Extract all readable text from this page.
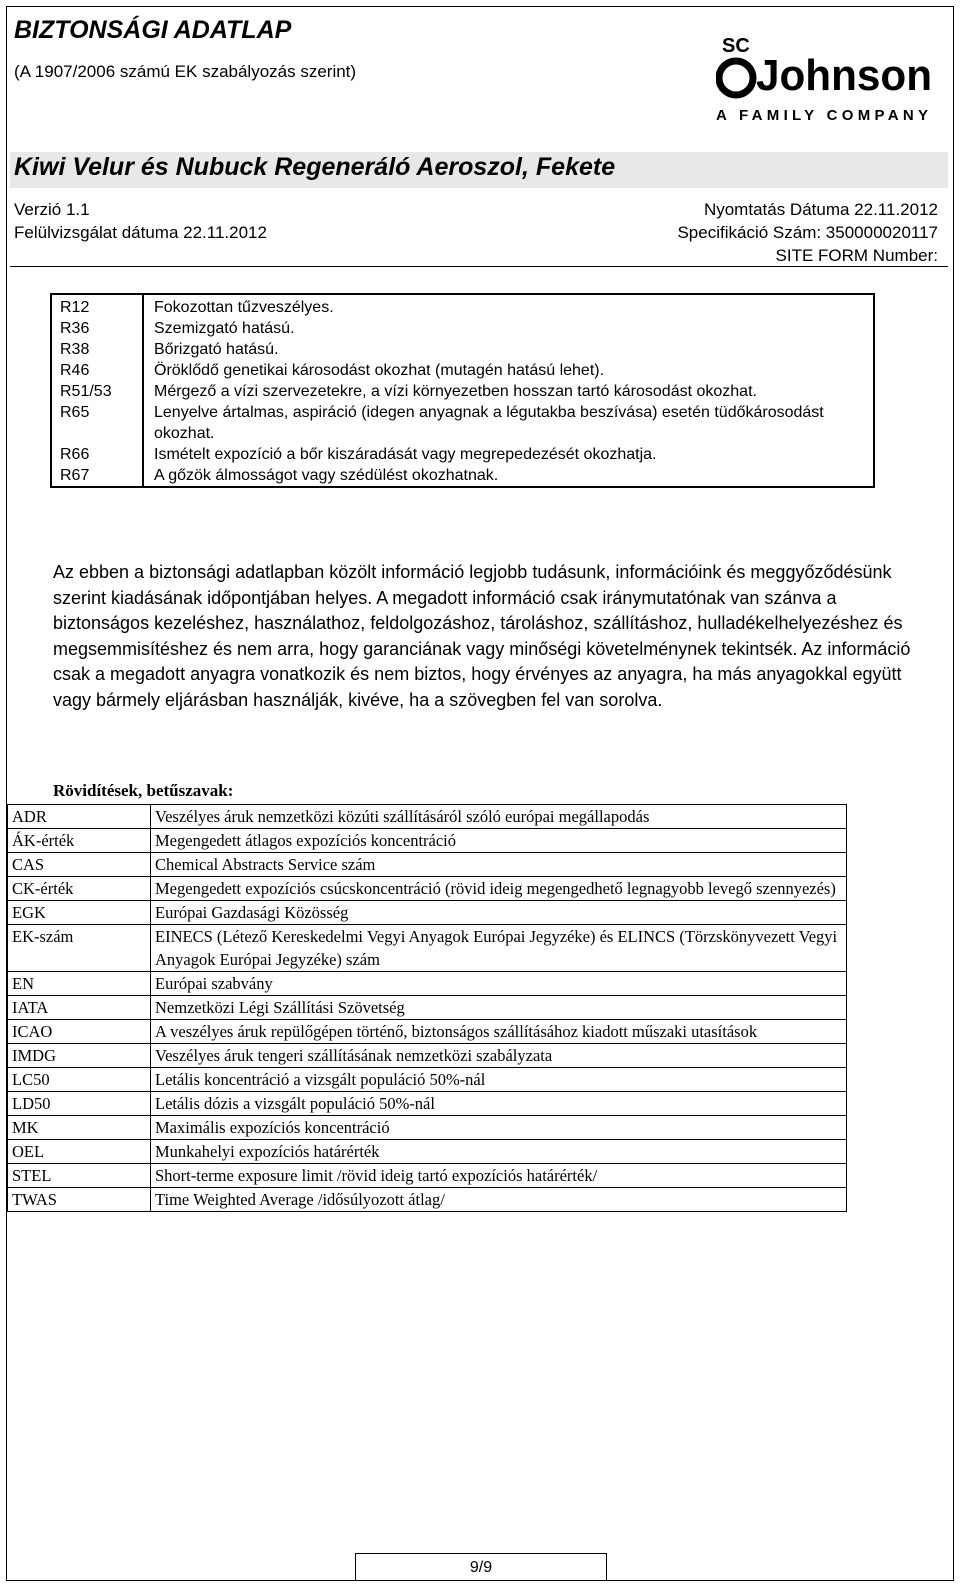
BIZTONSÁGI ADATLAP
(A 1907/2006 számú EK szabályozás szerint)
SC
Johnson
A FAMILY COMPANY
Kiwi Velur és Nubuck Regeneráló Aeroszol, Fekete
Verzió 1.1
Felülvizsgálat dátuma 22.11.2012
Nyomtatás Dátuma 22.11.2012
Specifikáció Szám: 350000020117
SITE FORM Number:
R12	Fokozottan tűzveszélyes.
R36	Szemizgató hatású.
R38	Bőrizgató hatású.
R46	Öröklődő genetikai károsodást okozhat (mutagén hatású lehet).
R51/53	Mérgező a vízi szervezetekre, a vízi környezetben hosszan tartó károsodást okozhat.
R65	Lenyelve ártalmas, aspiráció (idegen anyagnak a légutakba beszívása) esetén tüdőkárosodást okozhat.
R66	Ismételt expozíció a bőr kiszáradását vagy megrepedezését okozhatja.
R67	A gőzök álmosságot vagy szédülést okozhatnak.

Az ebben a biztonsági adatlapban közölt információ legjobb tudásunk, információink és meggyőződésünk szerint kiadásának időpontjában helyes. A megadott információ csak iránymutatónak van szánva a biztonságos kezeléshez, használathoz, feldolgozáshoz, tároláshoz, szállításhoz, hulladékelhelyezéshez és megsemmisítéshez és nem arra, hogy garanciának vagy minőségi követelménynek tekintsék. Az információ csak a megadott anyagra vonatkozik és nem biztos, hogy érvényes az anyagra, ha más anyagokkal együtt vagy bármely eljárásban használják, kivéve, ha a szövegben fel van sorolva.

Rövidítések, betűszavak:
ADR	Veszélyes áruk nemzetközi közúti szállításáról szóló európai megállapodás
ÁK-érték	Megengedett átlagos expozíciós koncentráció
CAS	Chemical Abstracts Service szám
CK-érték	Megengedett expozíciós csúcskoncentráció (rövid ideig megengedhető legnagyobb levegő szennyezés)
EGK	Európai Gazdasági Közösség
EK-szám	EINECS (Létező Kereskedelmi Vegyi Anyagok Európai Jegyzéke) és ELINCS (Törzskönyvezett Vegyi Anyagok Európai Jegyzéke) szám
EN	Európai szabvány
IATA	Nemzetközi Légi Szállítási Szövetség
ICAO	A veszélyes áruk repülőgépen történő, biztonságos szállításához kiadott műszaki utasítások
IMDG	Veszélyes áruk tengeri szállításának nemzetközi szabályzata
LC50	Letális koncentráció a vizsgált populáció 50%-nál
LD50	Letális dózis a vizsgált populáció 50%-nál
MK	Maximális expozíciós koncentráció
OEL	Munkahelyi expozíciós határérték
STEL	Short-terme exposure limit /rövid ideig tartó expozíciós határérték/
TWAS	Time Weighted Average /idősúlyozott átlag/
9/9
